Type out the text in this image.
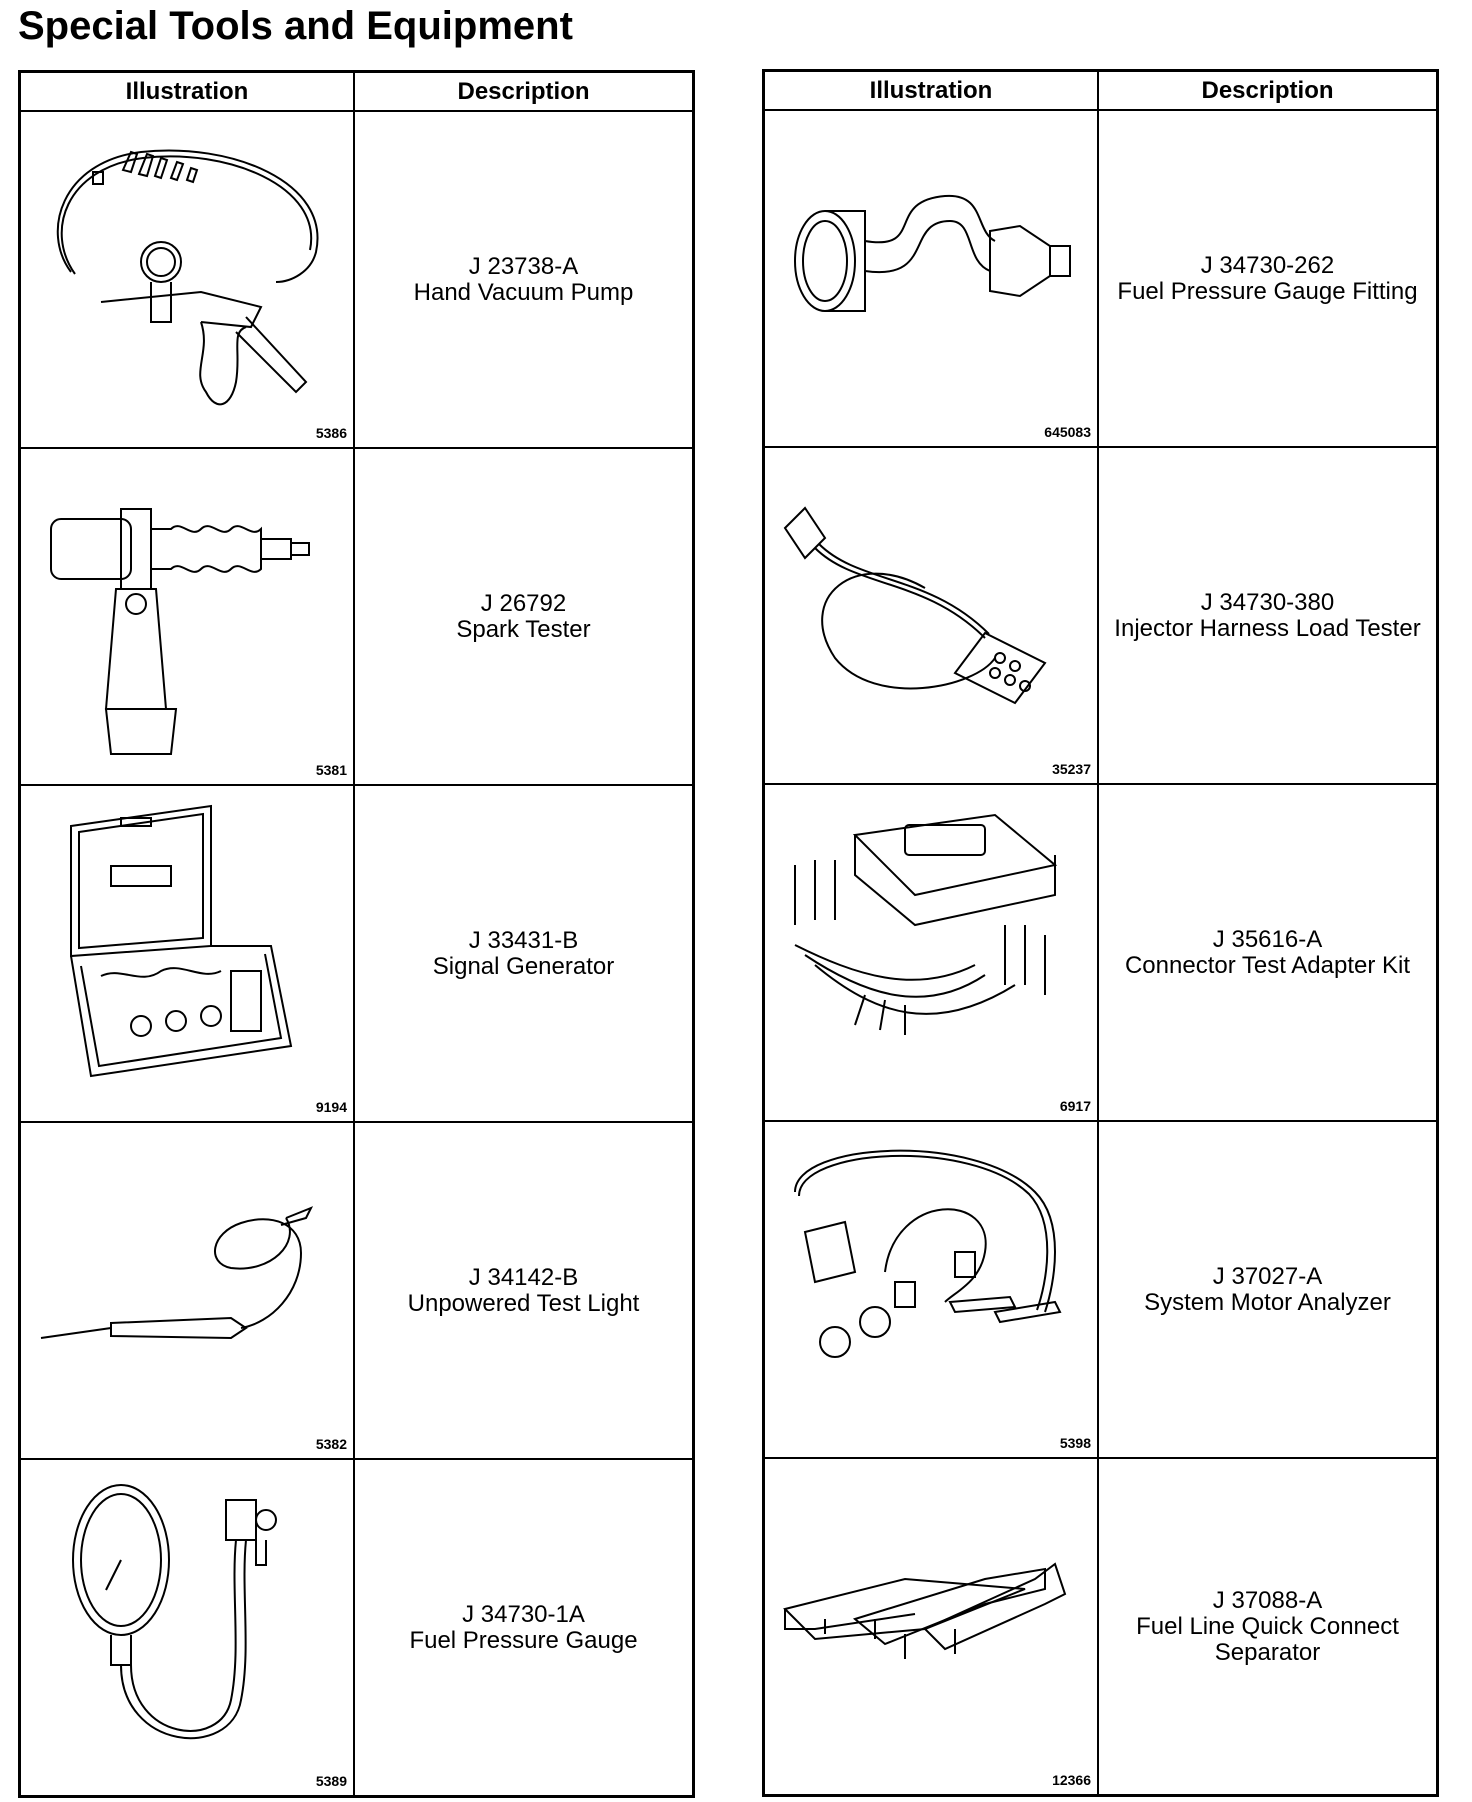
Special Tools and Equipment
Illustration	Description

5386	J 23738-A
Hand Vacuum Pump

5381	J 26792
Spark Tester

9194	J 33431-B
Signal Generator

5382	J 34142-B
Unpowered Test Light

5389	J 34730-1A
Fuel Pressure Gauge
Illustration	Description

645083	J 34730-262
Fuel Pressure Gauge Fitting

35237	J 34730-380
Injector Harness Load Tester

6917	J 35616-A
Connector Test Adapter Kit

5398	J 37027-A
System Motor Analyzer

12366	J 37088-A
Fuel Line Quick Connect Separator
